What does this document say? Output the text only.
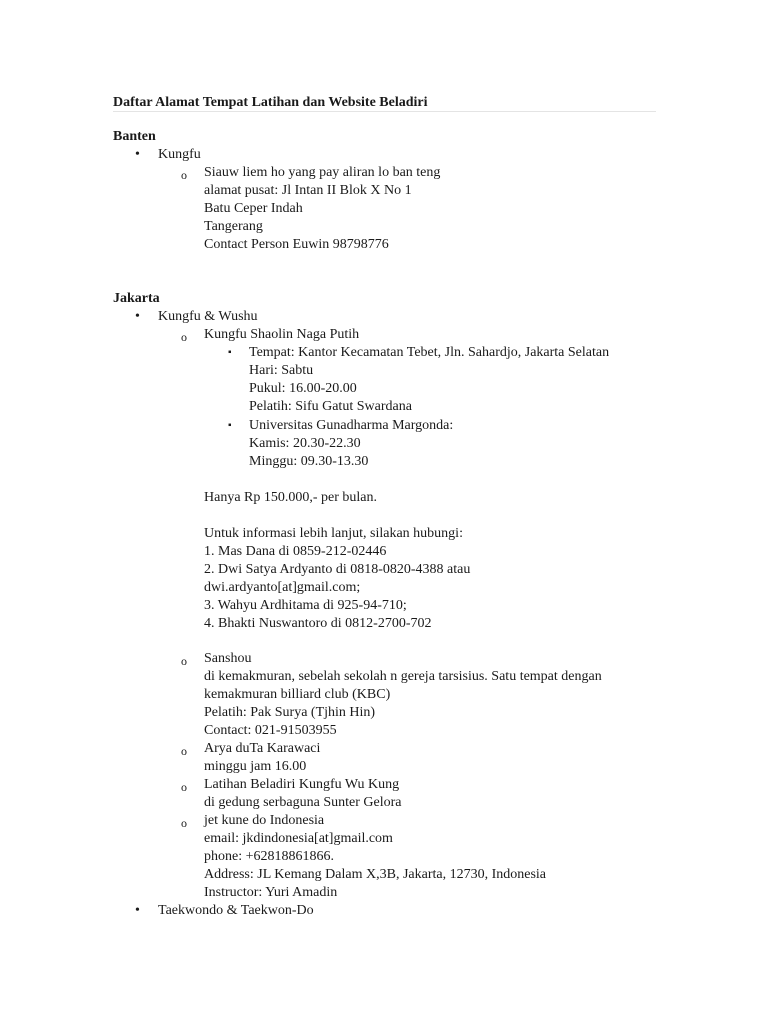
Daftar Alamat Tempat Latihan dan Website Beladiri
Banten
• Kungfu
o Siauw liem ho yang pay aliran lo ban teng
alamat pusat: Jl Intan II Blok X No 1
Batu Ceper Indah
Tangerang
Contact Person Euwin 98798776
Jakarta
• Kungfu & Wushu
o Kungfu Shaolin Naga Putih
▪ Tempat: Kantor Kecamatan Tebet, Jln. Sahardjo, Jakarta Selatan
Hari: Sabtu
Pukul: 16.00-20.00
Pelatih: Sifu Gatut Swardana
▪ Universitas Gunadharma Margonda:
Kamis: 20.30-22.30
Minggu: 09.30-13.30
Hanya Rp 150.000,- per bulan.
Untuk informasi lebih lanjut, silakan hubungi:
1. Mas Dana di 0859-212-02446
2. Dwi Satya Ardyanto di 0818-0820-4388 atau
dwi.ardyanto[at]gmail.com;
3. Wahyu Ardhitama di 925-94-710;
4. Bhakti Nuswantoro di 0812-2700-702
o Sanshou
di kemakmuran, sebelah sekolah n gereja tarsisius. Satu tempat dengan
kemakmuran billiard club (KBC)
Pelatih: Pak Surya (Tjhin Hin)
Contact: 021-91503955
o Arya duTa Karawaci
minggu jam 16.00
o Latihan Beladiri Kungfu Wu Kung
di gedung serbaguna Sunter Gelora
o jet kune do Indonesia
email: jkdindonesia[at]gmail.com
phone: +62818861866.
Address: JL Kemang Dalam X,3B, Jakarta, 12730, Indonesia
Instructor: Yuri Amadin
• Taekwondo & Taekwon-Do
